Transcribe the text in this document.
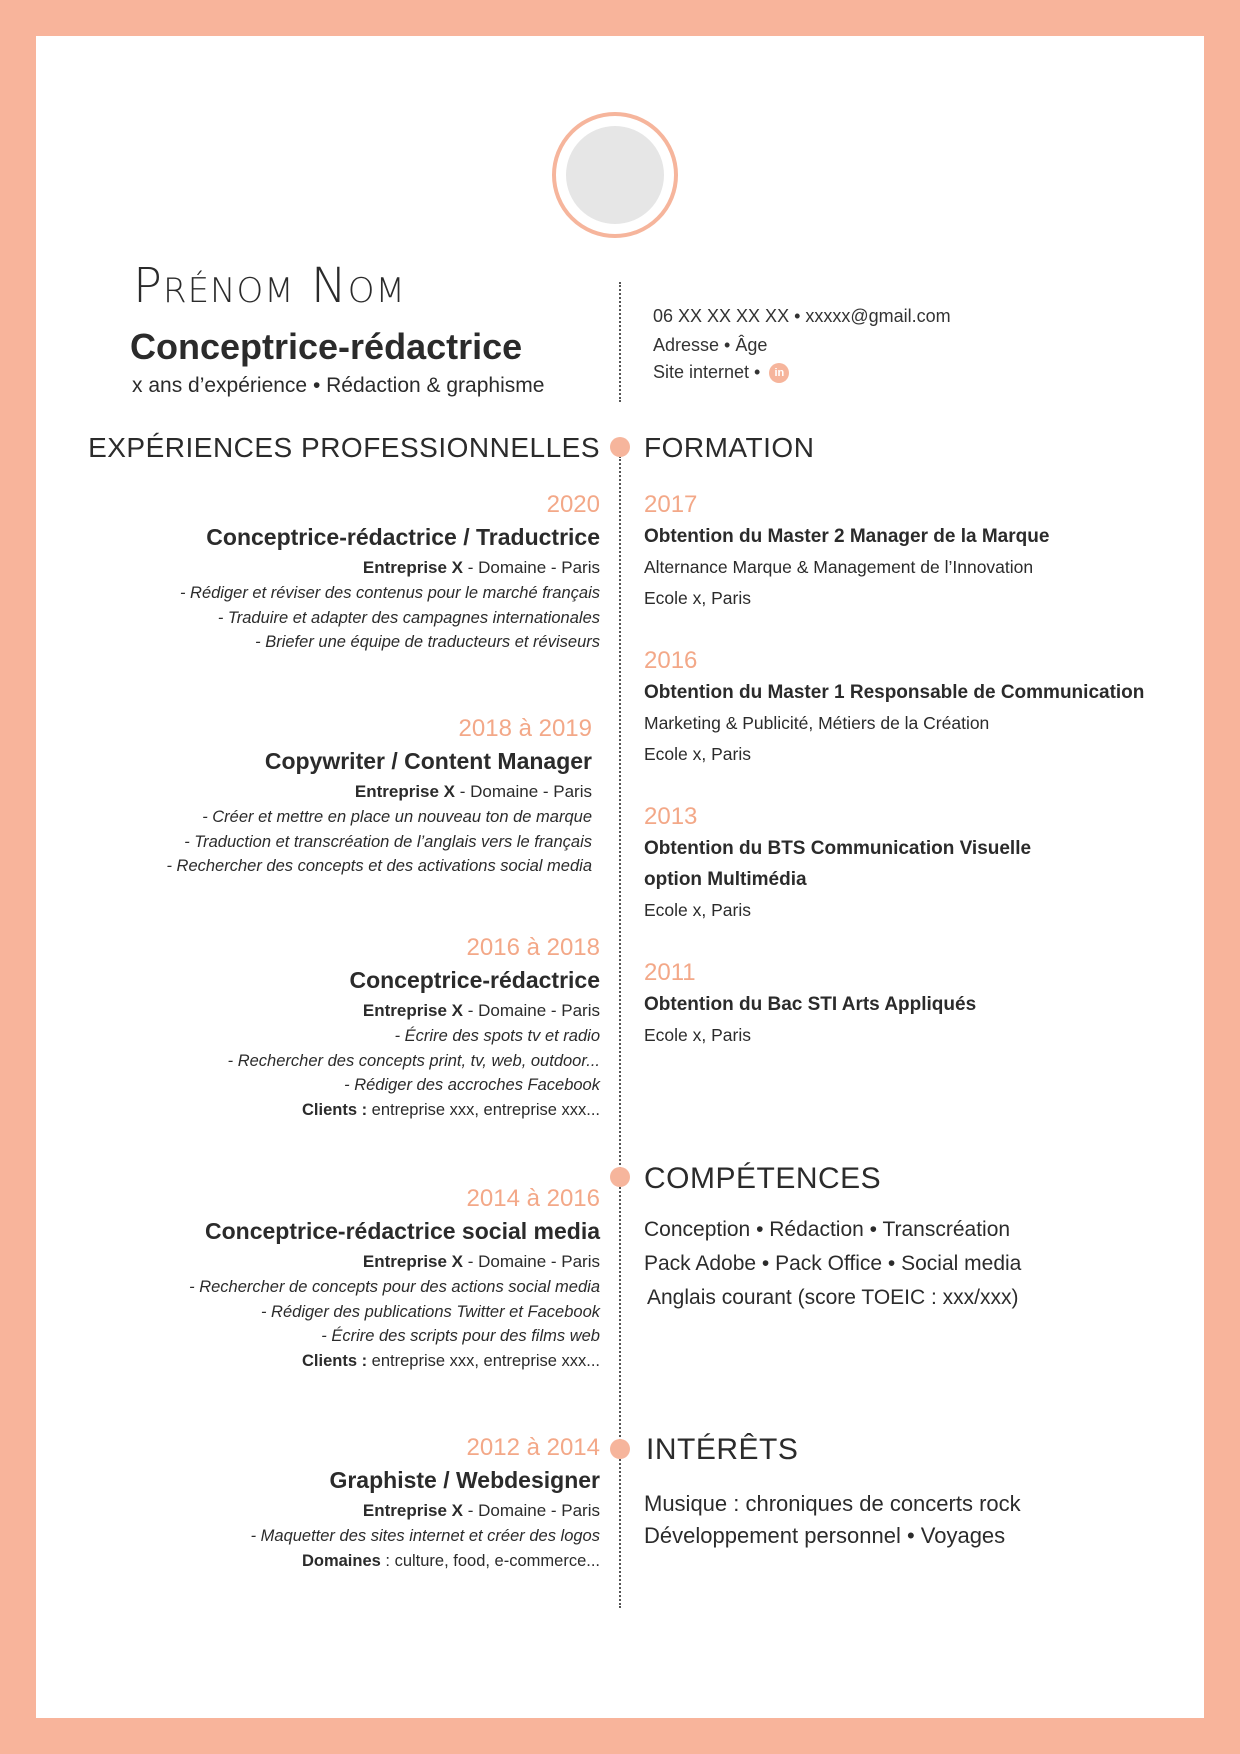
Prénom Nom
Conceptrice-rédactrice
x ans d’expérience • Rédaction & graphisme
06 XX XX XX XX • xxxxx@gmail.com
Adresse • Âge
Site internet • in
EXPÉRIENCES PROFESSIONNELLES FORMATION
COMPÉTENCES
INTÉRÊTS
2020
Conceptrice-rédactrice / Traductrice
Entreprise X - Domaine - Paris
- Rédiger et réviser des contenus pour le marché français
- Traduire et adapter des campagnes internationales
- Briefer une équipe de traducteurs et réviseurs
2018 à 2019
Copywriter / Content Manager
Entreprise X - Domaine - Paris
- Créer et mettre en place un nouveau ton de marque
- Traduction et transcréation de l’anglais vers le français
- Rechercher des concepts et des activations social media
2016 à 2018
Conceptrice-rédactrice
Entreprise X - Domaine - Paris
- Écrire des spots tv et radio
- Rechercher des concepts print, tv, web, outdoor...
- Rédiger des accroches Facebook
Clients : entreprise xxx, entreprise xxx...
2014 à 2016
Conceptrice-rédactrice social media
Entreprise X - Domaine - Paris
- Rechercher de concepts pour des actions social media
- Rédiger des publications Twitter et Facebook
- Écrire des scripts pour des films web
Clients : entreprise xxx, entreprise xxx...
2012 à 2014
Graphiste / Webdesigner
Entreprise X - Domaine - Paris
- Maquetter des sites internet et créer des logos
Domaines : culture, food, e-commerce...
2017
Obtention du Master 2 Manager de la Marque
Alternance Marque & Management de l’Innovation
Ecole x, Paris
2016
Obtention du Master 1 Responsable de Communication
Marketing & Publicité, Métiers de la Création
Ecole x, Paris
2013
Obtention du BTS Communication Visuelle
option Multimédia
Ecole x, Paris
2011
Obtention du Bac STI Arts Appliqués
Ecole x, Paris
Conception • Rédaction • Transcréation
Pack Adobe • Pack Office • Social media
Anglais courant (score TOEIC : xxx/xxx)
Musique : chroniques de concerts rock
Développement personnel • Voyages
